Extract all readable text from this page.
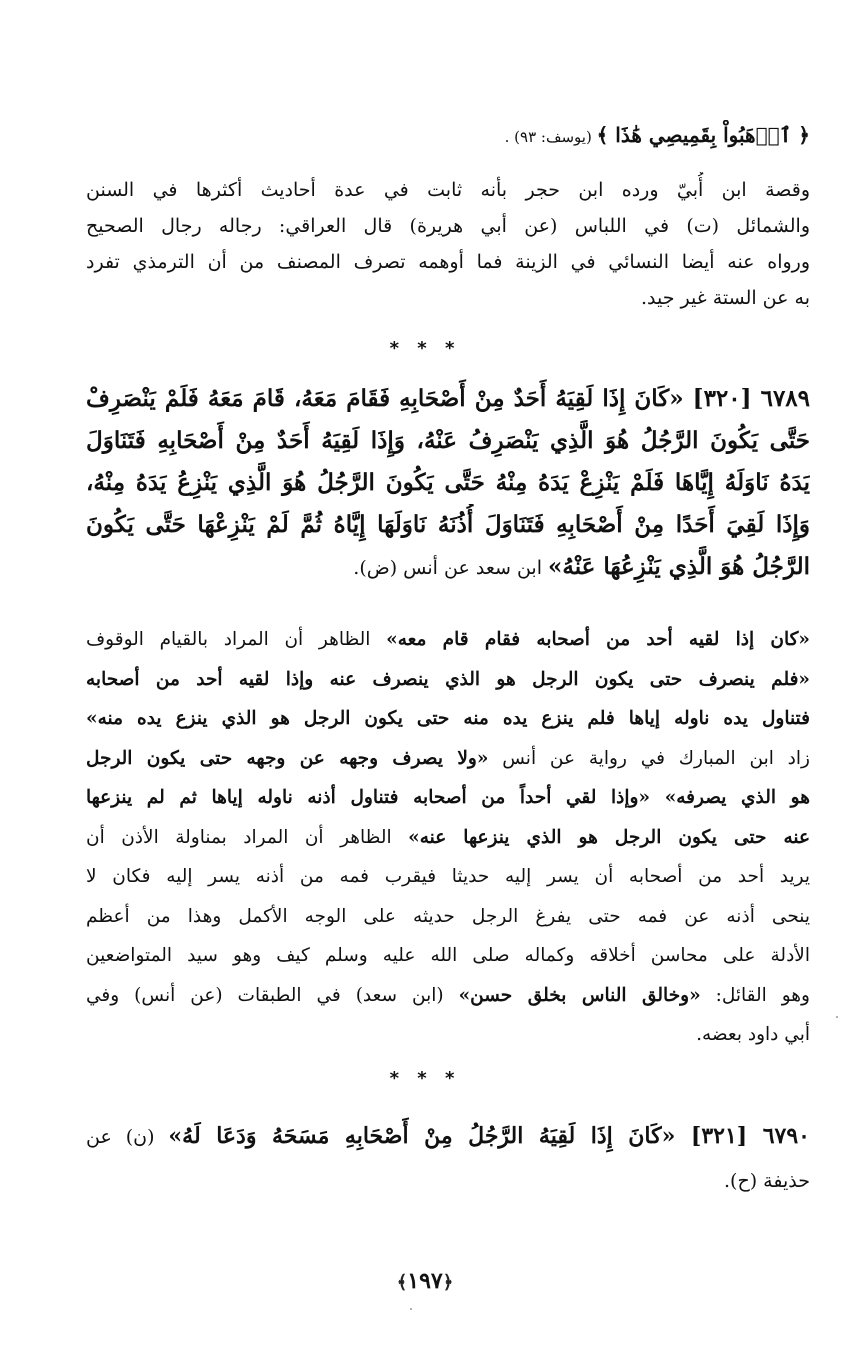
﴿ ٱذۡهَبُواْ بِقَمِيصِي هَٰذَا ﴾ (يوسف: ٩٣) .
وقصة ابن أُبيّ ورده ابن حجر بأنه ثابت في عدة أحاديث أكثرها في السنن
والشمائل (ت) في اللباس (عن أبي هريرة) قال العراقي: رجاله رجال الصحيح
ورواه عنه أيضا النسائي في الزينة فما أوهمه تصرف المصنف من أن الترمذي تفرد
به عن الستة غير جيد.
* * *
٦٧٨٩ [٣٢٠] «كَانَ إِذَا لَقِيَهُ أَحَدٌ مِنْ أَصْحَابِهِ فَقَامَ مَعَهُ، قَامَ مَعَهُ فَلَمْ يَنْصَرِفْ
حَتَّى يَكُونَ الرَّجُلُ هُوَ الَّذِي يَنْصَرِفُ عَنْهُ، وَإِذَا لَقِيَهُ أَحَدٌ مِنْ أَصْحَابِهِ فَتَنَاوَلَ
يَدَهُ نَاوَلَهُ إِيَّاهَا فَلَمْ يَنْزِعْ يَدَهُ مِنْهُ حَتَّى يَكُونَ الرَّجُلُ هُوَ الَّذِي يَنْزِعُ يَدَهُ مِنْهُ،
وَإِذَا لَقِيَ أَحَدًا مِنْ أَصْحَابِهِ فَتَنَاوَلَ أُذُنَهُ نَاوَلَهَا إِيَّاهُ ثُمَّ لَمْ يَنْزِعْهَا حَتَّى يَكُونَ
الرَّجُلُ هُوَ الَّذِي يَنْزِعُهَا عَنْهُ» ابن سعد عن أنس (ض).
«كان إذا لقيه أحد من أصحابه فقام قام معه» الظاهر أن المراد بالقيام الوقوف
«فلم ينصرف حتى يكون الرجل هو الذي ينصرف عنه وإذا لقيه أحد من أصحابه
فتناول يده ناوله إياها فلم ينزع يده منه حتى يكون الرجل هو الذي ينزع يده منه»
زاد ابن المبارك في رواية عن أنس «ولا يصرف وجهه عن وجهه حتى يكون الرجل
هو الذي يصرفه» «وإذا لقي أحداً من أصحابه فتناول أذنه ناوله إياها ثم لم ينزعها
عنه حتى يكون الرجل هو الذي ينزعها عنه» الظاهر أن المراد بمناولة الأذن أن
يريد أحد من أصحابه أن يسر إليه حديثا فيقرب فمه من أذنه يسر إليه فكان لا
ينحى أذنه عن فمه حتى يفرغ الرجل حديثه على الوجه الأكمل وهذا من أعظم
الأدلة على محاسن أخلاقه وكماله صلى الله عليه وسلم كيف وهو سيد المتواضعين
وهو القائل: «وخالق الناس بخلق حسن» (ابن سعد) في الطبقات (عن أنس) وفي
أبي داود بعضه.
* * *
٦٧٩٠ [٣٢١] «كَانَ إِذَا لَقِيَهُ الرَّجُلُ مِنْ أَصْحَابِهِ مَسَحَهُ وَدَعَا لَهُ» (ن) عن
حذيفة (ح).
﴿١٩٧﴾
